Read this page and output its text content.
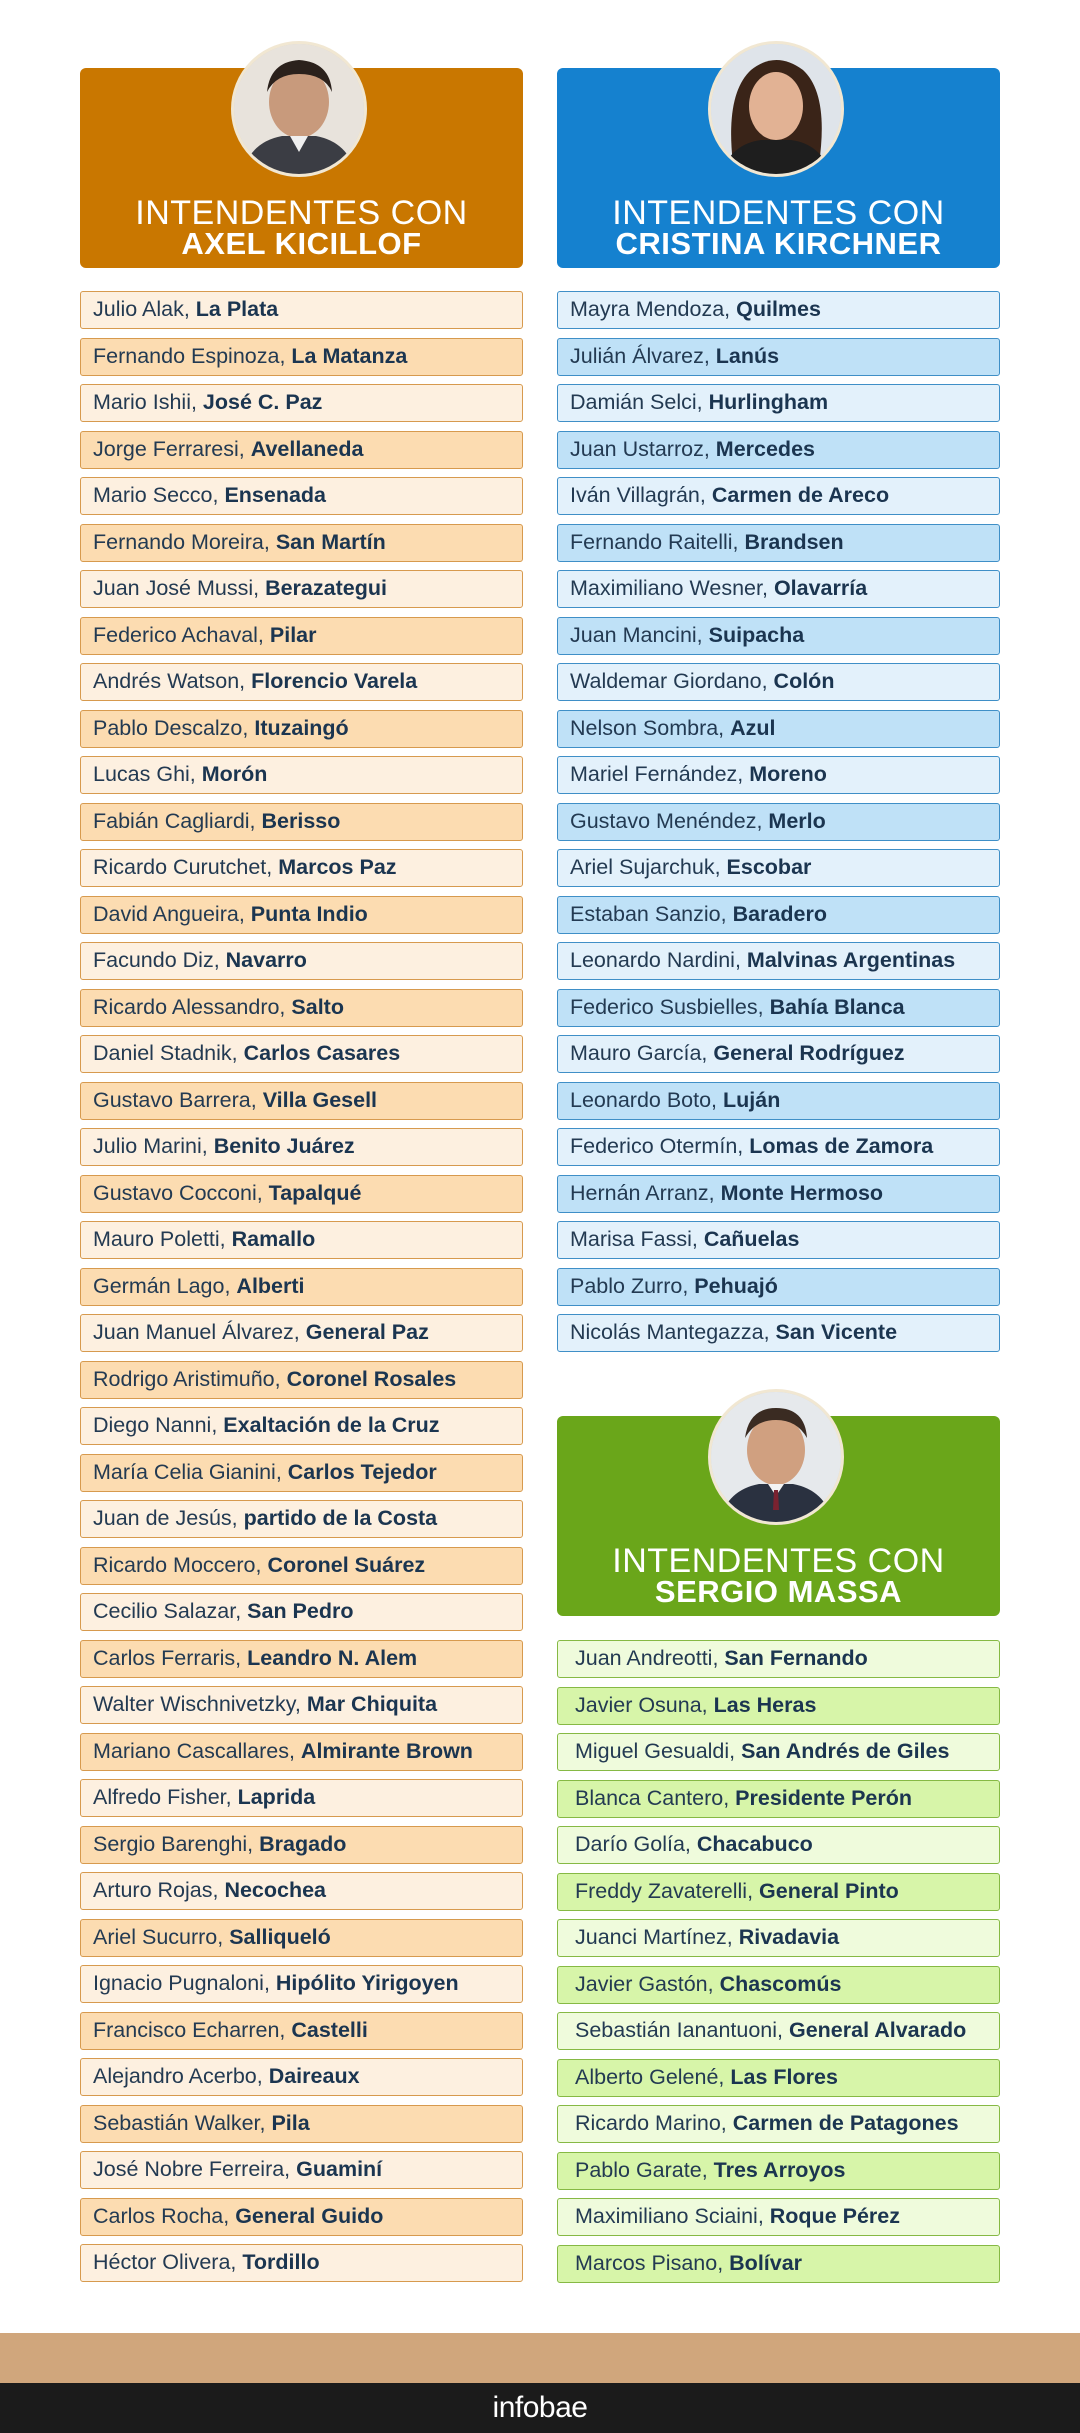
INTENDENTES CON
AXEL KICILLOF
Julio Alak, La Plata
Fernando Espinoza, La Matanza
Mario Ishii, José C. Paz
Jorge Ferraresi, Avellaneda
Mario Secco, Ensenada
Fernando Moreira, San Martín
Juan José Mussi, Berazategui
Federico Achaval, Pilar
Andrés Watson, Florencio Varela
Pablo Descalzo, Ituzaingó
Lucas Ghi, Morón
Fabián Cagliardi, Berisso
Ricardo Curutchet, Marcos Paz
David Angueira, Punta Indio
Facundo Diz, Navarro
Ricardo Alessandro, Salto
Daniel Stadnik, Carlos Casares
Gustavo Barrera, Villa Gesell
Julio Marini, Benito Juárez
Gustavo Cocconi, Tapalqué
Mauro Poletti, Ramallo
Germán Lago, Alberti
Juan Manuel Álvarez, General Paz
Rodrigo Aristimuño, Coronel Rosales
Diego Nanni, Exaltación de la Cruz
María Celia Gianini, Carlos Tejedor
Juan de Jesús, partido de la Costa
Ricardo Moccero, Coronel Suárez
Cecilio Salazar, San Pedro
Carlos Ferraris, Leandro N. Alem
Walter Wischnivetzky, Mar Chiquita
Mariano Cascallares, Almirante Brown
Alfredo Fisher, Laprida
Sergio Barenghi, Bragado
Arturo Rojas, Necochea
Ariel Sucurro, Salliqueló
Ignacio Pugnaloni, Hipólito Yirigoyen
Francisco Echarren, Castelli
Alejandro Acerbo, Daireaux
Sebastián Walker, Pila
José Nobre Ferreira, Guaminí
Carlos Rocha, General Guido
Héctor Olivera, Tordillo
INTENDENTES CON
CRISTINA KIRCHNER
Mayra Mendoza, Quilmes
Julián Álvarez, Lanús
Damián Selci, Hurlingham
Juan Ustarroz, Mercedes
Iván Villagrán, Carmen de Areco
Fernando Raitelli, Brandsen
Maximiliano Wesner, Olavarría
Juan Mancini, Suipacha
Waldemar Giordano, Colón
Nelson Sombra, Azul
Mariel Fernández, Moreno
Gustavo Menéndez, Merlo
Ariel Sujarchuk, Escobar
Estaban Sanzio, Baradero
Leonardo Nardini, Malvinas Argentinas
Federico Susbielles, Bahía Blanca
Mauro García, General Rodríguez
Leonardo Boto, Luján
Federico Otermín, Lomas de Zamora
Hernán Arranz, Monte Hermoso
Marisa Fassi, Cañuelas
Pablo Zurro, Pehuajó
Nicolás Mantegazza, San Vicente
INTENDENTES CON
SERGIO MASSA
Juan Andreotti, San Fernando
Javier Osuna, Las Heras
Miguel Gesualdi, San Andrés de Giles
Blanca Cantero, Presidente Perón
Darío Golía, Chacabuco
Freddy Zavaterelli, General Pinto
Juanci Martínez, Rivadavia
Javier Gastón, Chascomús
Sebastián Ianantuoni, General Alvarado
Alberto Gelené, Las Flores
Ricardo Marino, Carmen de Patagones
Pablo Garate, Tres Arroyos
Maximiliano Sciaini, Roque Pérez
Marcos Pisano, Bolívar
infobae
